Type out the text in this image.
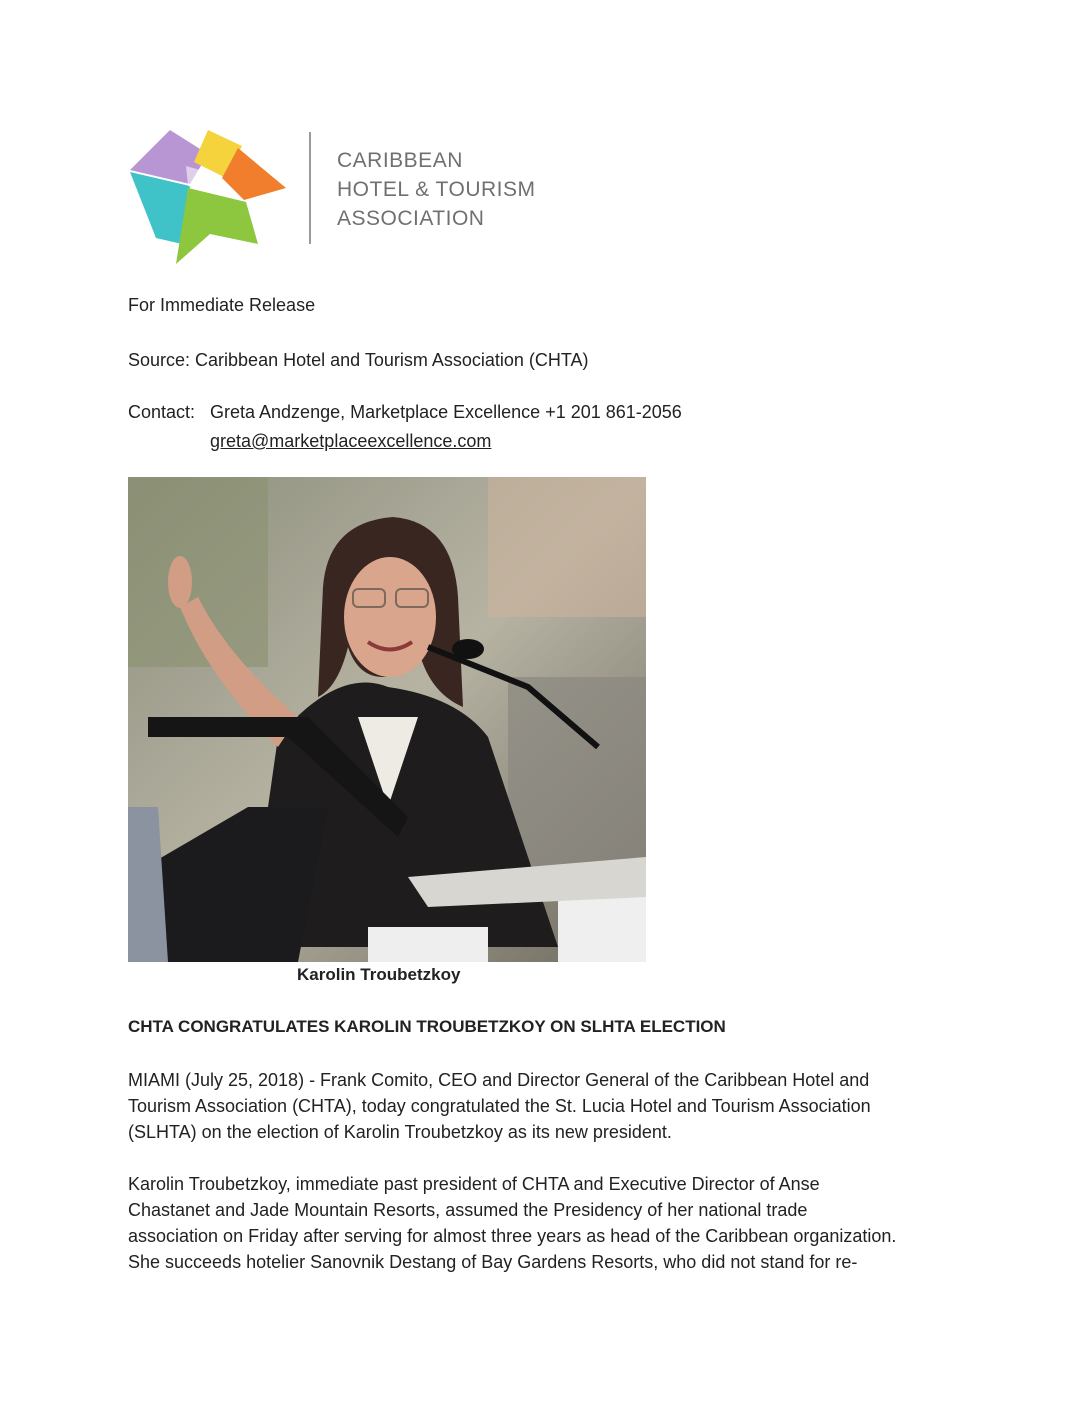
CARIBBEAN
HOTEL & TOURISM
ASSOCIATION
For Immediate Release
Source: Caribbean Hotel and Tourism Association (CHTA)
Contact: Greta Andzenge, Marketplace Excellence +1 201 861-2056
greta@marketplaceexcellence.com
Karolin Troubetzkoy
CHTA CONGRATULATES KAROLIN TROUBETZKOY ON SLHTA ELECTION
MIAMI (July 25, 2018) - Frank Comito, CEO and Director General of the Caribbean Hotel and
Tourism Association (CHTA), today congratulated the St. Lucia Hotel and Tourism Association
(SLHTA) on the election of Karolin Troubetzkoy as its new president.
Karolin Troubetzkoy, immediate past president of CHTA and Executive Director of Anse
Chastanet and Jade Mountain Resorts, assumed the Presidency of her national trade
association on Friday after serving for almost three years as head of the Caribbean organization.
She succeeds hotelier Sanovnik Destang of Bay Gardens Resorts, who did not stand for re-
